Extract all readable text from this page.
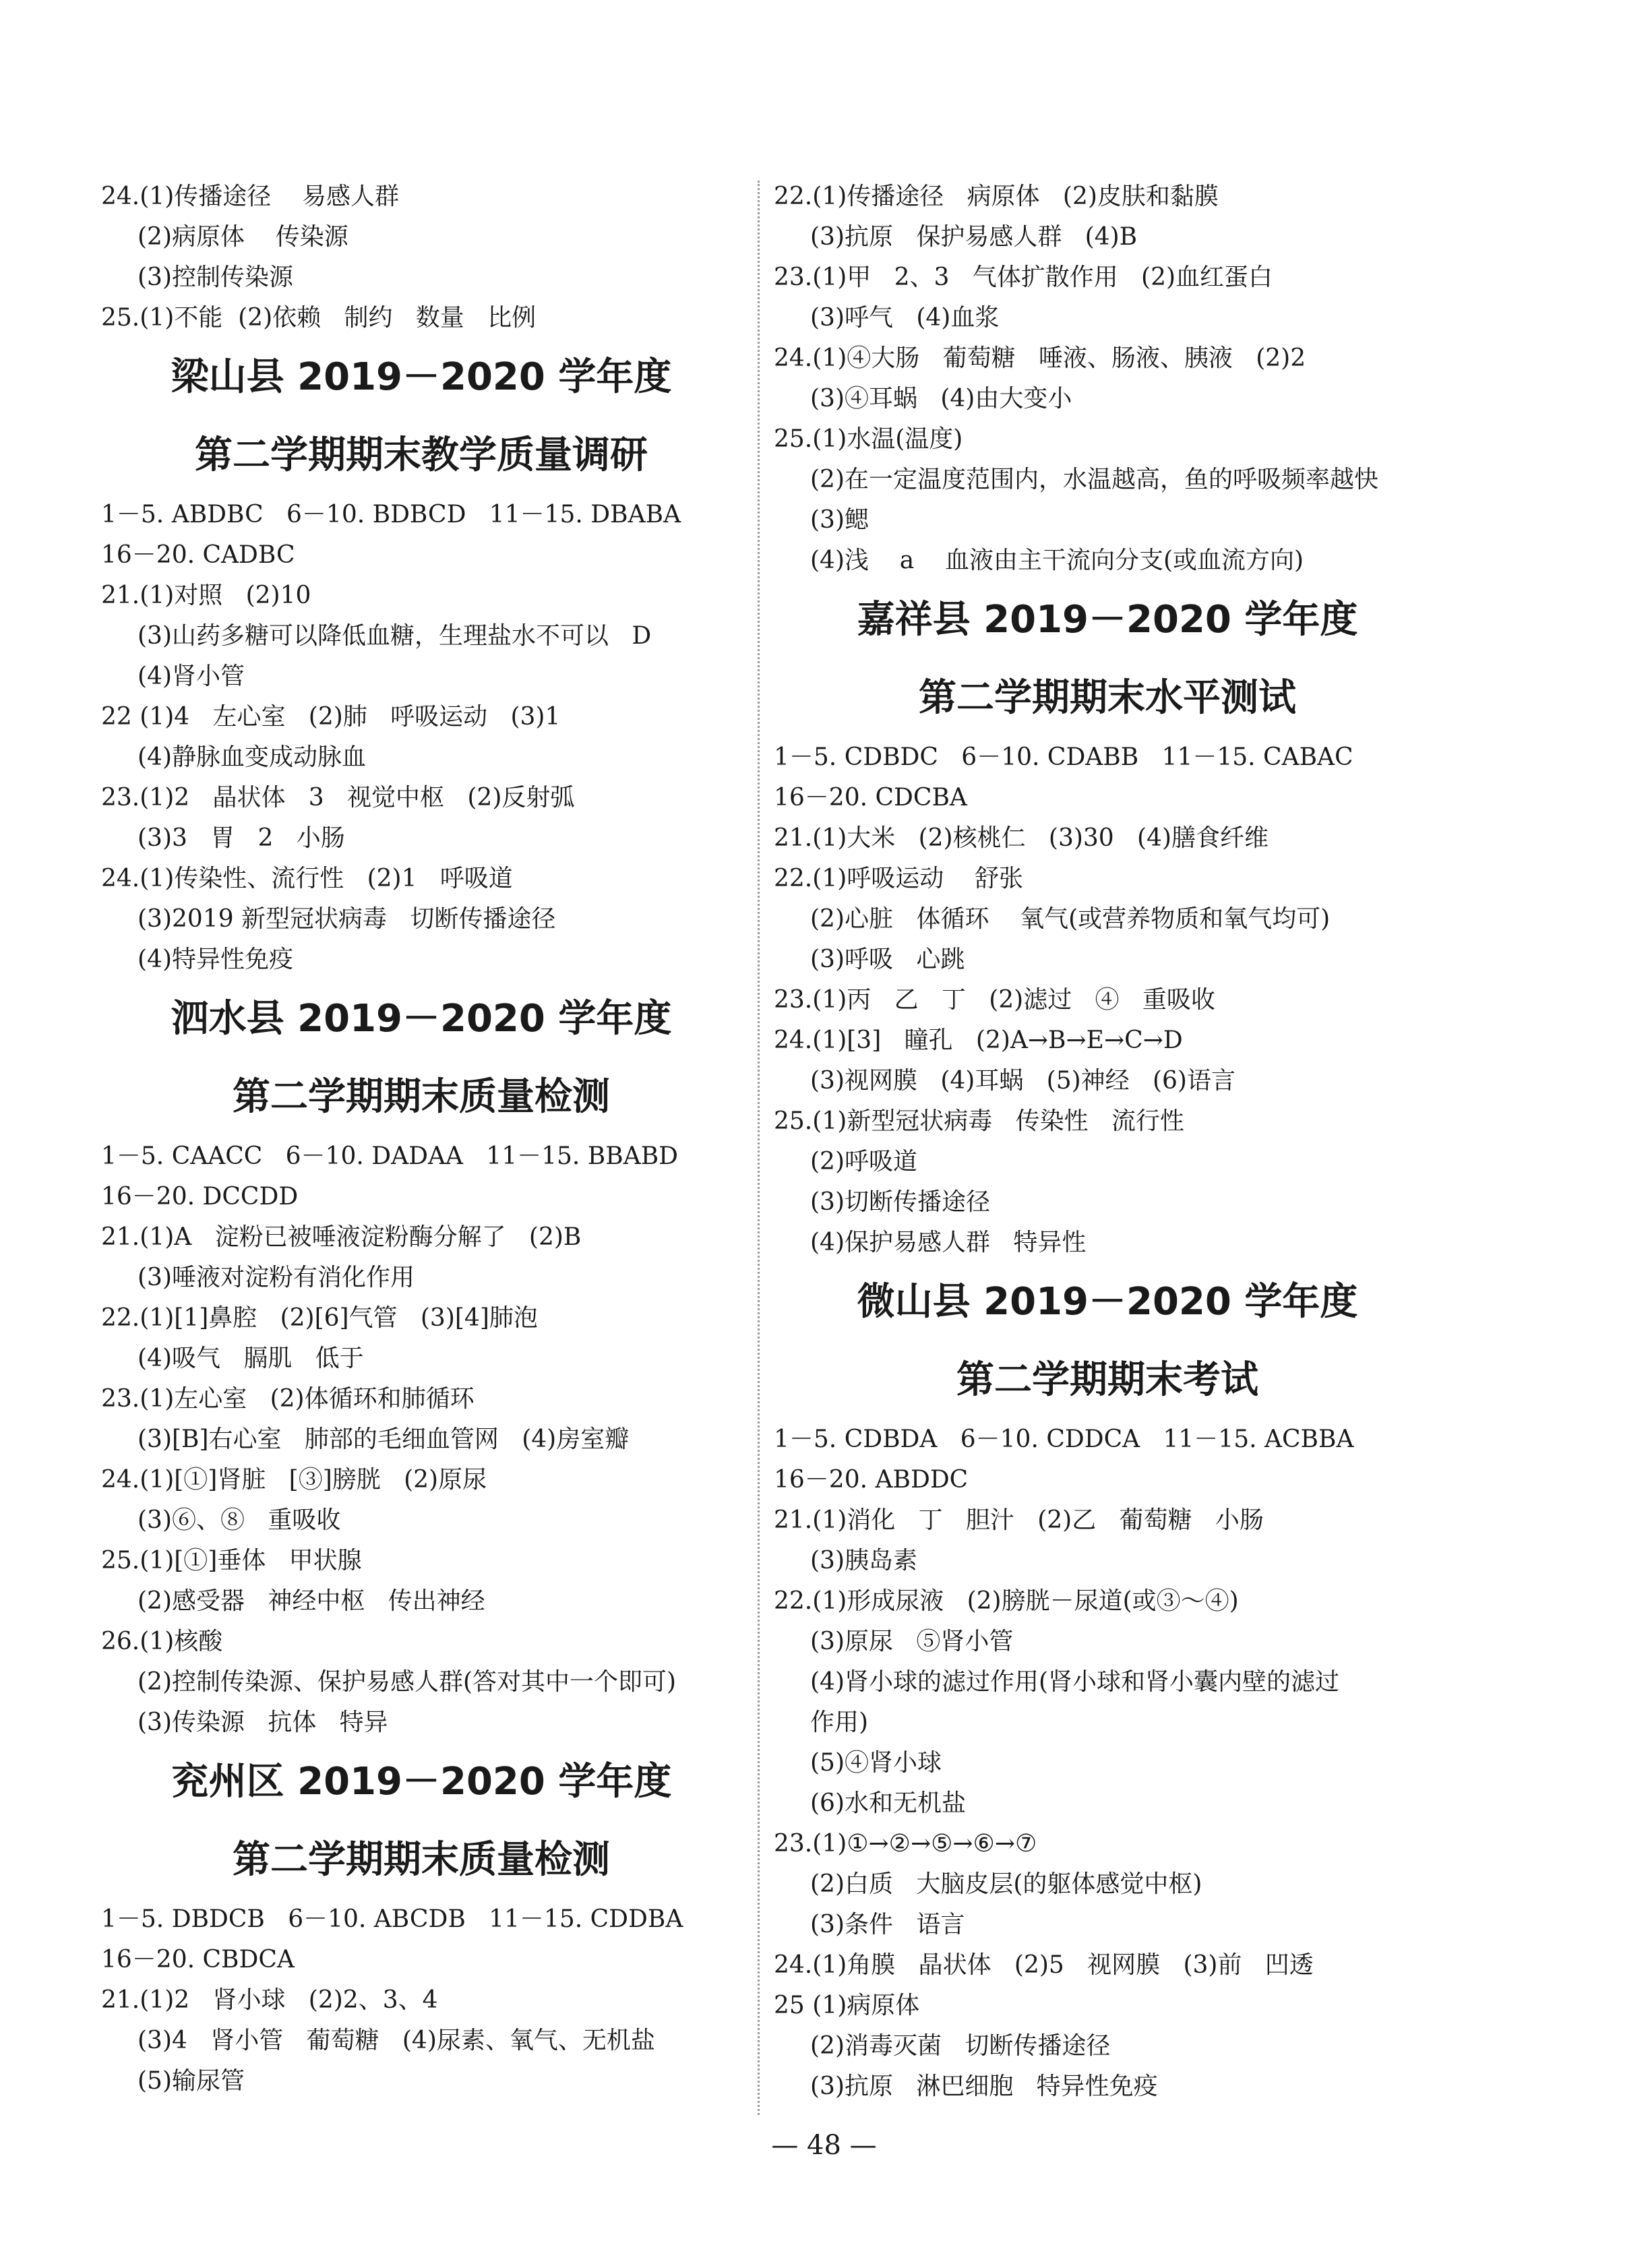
24.(1)传播途径    易感人群
(2)病原体    传染源
(3)控制传染源
25.(1)不能  (2)依赖   制约   数量   比例
梁山县 2019－2020 学年度
第二学期期末教学质量调研
1－5. ABDBC   6－10. BDBCD   11－15. DBABA
16－20. CADBC
21.(1)对照   (2)10
(3)山药多糖可以降低血糖，生理盐水不可以   D
(4)肾小管
22 (1)4   左心室   (2)肺   呼吸运动   (3)1
(4)静脉血变成动脉血
23.(1)2   晶状体   3   视觉中枢   (2)反射弧
(3)3   胃   2   小肠
24.(1)传染性、流行性   (2)1   呼吸道
(3)2019 新型冠状病毒   切断传播途径
(4)特异性免疫
泗水县 2019－2020 学年度
第二学期期末质量检测
1－5. CAACC   6－10. DADAA   11－15. BBABD
16－20. DCCDD
21.(1)A   淀粉已被唾液淀粉酶分解了   (2)B
(3)唾液对淀粉有消化作用
22.(1)[1]鼻腔   (2)[6]气管   (3)[4]肺泡
(4)吸气   膈肌   低于
23.(1)左心室   (2)体循环和肺循环
(3)[B]右心室   肺部的毛细血管网   (4)房室瓣
24.(1)[①]肾脏   [③]膀胱   (2)原尿
(3)⑥、⑧   重吸收
25.(1)[①]垂体   甲状腺
(2)感受器   神经中枢   传出神经
26.(1)核酸
(2)控制传染源、保护易感人群(答对其中一个即可)
(3)传染源   抗体   特异
兖州区 2019－2020 学年度
第二学期期末质量检测
1－5. DBDCB   6－10. ABCDB   11－15. CDDBA
16－20. CBDCA
21.(1)2   肾小球   (2)2、3、4
(3)4   肾小管   葡萄糖   (4)尿素、氧气、无机盐
(5)输尿管
22.(1)传播途径   病原体   (2)皮肤和黏膜
(3)抗原   保护易感人群   (4)B
23.(1)甲   2、3   气体扩散作用   (2)血红蛋白
(3)呼气   (4)血浆
24.(1)④大肠   葡萄糖   唾液、肠液、胰液   (2)2
(3)④耳蜗   (4)由大变小
25.(1)水温(温度)
(2)在一定温度范围内，水温越高，鱼的呼吸频率越快
(3)鳃
(4)浅    a    血液由主干流向分支(或血流方向)
嘉祥县 2019－2020 学年度
第二学期期末水平测试
1－5. CDBDC   6－10. CDABB   11－15. CABAC
16－20. CDCBA
21.(1)大米   (2)核桃仁   (3)30   (4)膳食纤维
22.(1)呼吸运动    舒张
(2)心脏   体循环    氧气(或营养物质和氧气均可)
(3)呼吸   心跳
23.(1)丙   乙   丁   (2)滤过   ④   重吸收
24.(1)[3]   瞳孔   (2)A→B→E→C→D
(3)视网膜   (4)耳蜗   (5)神经   (6)语言
25.(1)新型冠状病毒   传染性   流行性
(2)呼吸道
(3)切断传播途径
(4)保护易感人群   特异性
微山县 2019－2020 学年度
第二学期期末考试
1－5. CDBDA   6－10. CDDCA   11－15. ACBBA
16－20. ABDDC
21.(1)消化   丁   胆汁   (2)乙   葡萄糖   小肠
(3)胰岛素
22.(1)形成尿液   (2)膀胱－尿道(或③～④)
(3)原尿   ⑤肾小管
(4)肾小球的滤过作用(肾小球和肾小囊内壁的滤过
作用)
(5)④肾小球
(6)水和无机盐
23.(1)①→②→⑤→⑥→⑦
(2)白质   大脑皮层(的躯体感觉中枢)
(3)条件   语言
24.(1)角膜   晶状体   (2)5   视网膜   (3)前   凹透
25 (1)病原体
(2)消毒灭菌   切断传播途径
(3)抗原   淋巴细胞   特异性免疫
— 48 —
